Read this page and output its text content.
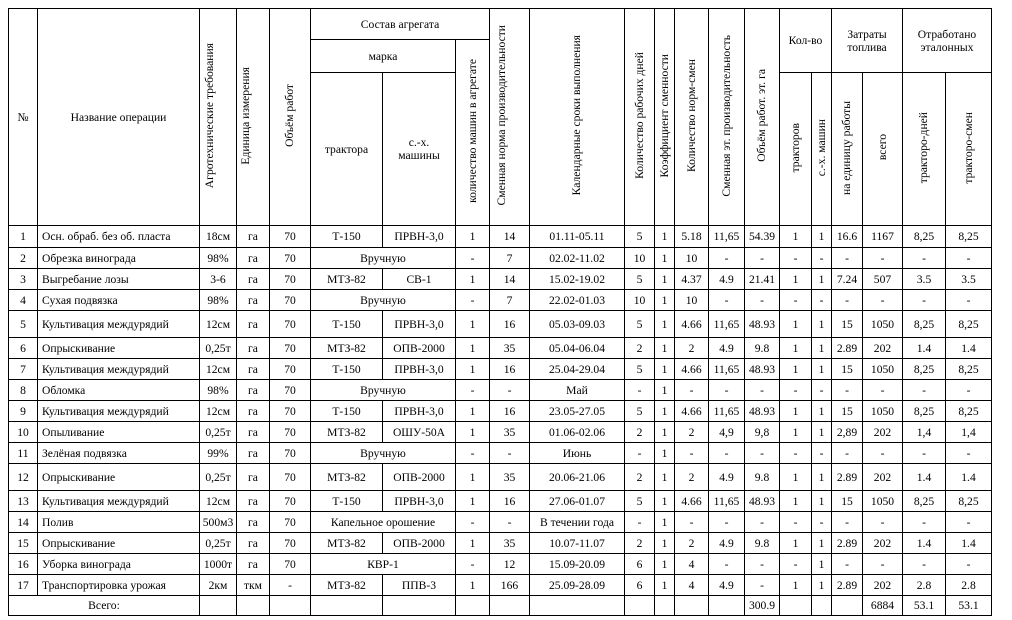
№	Название операции	Агротехнические требования	Единица измерения	Объём работ	Состав агрегата			Сменная норма производительности	Календарные сроки выполнения	Количество рабочих дней	Коэффициент сменности	Количество норм-смен	Сменная эт. производительность	Объём работ. эт. га	Кол-во		Затраты топлива		Отработано эталонных	
					марка		количество машин в агрегате													
					трактора	с.-х. машины									тракторов	с.-х. машин	на единицу работы	всего	тракторо-дней	тракторо-смен
1	Осн. обраб. без об. пласта	18см	га	70	Т-150	ПРВН-3,0	1	14	01.11-05.11	5	1	5.18	11,65	54.39	1	1	16.6	1167	8,25	8,25
2	Обрезка винограда	98%	га	70	Вручную		-	7	02.02-11.02	10	1	10	-	-	-	-	-	-	-	-
3	Выгребание лозы	3-6	га	70	МТЗ-82	СВ-1	1	14	15.02-19.02	5	1	4.37	4.9	21.41	1	1	7.24	507	3.5	3.5
4	Сухая подвязка	98%	га	70	Вручную		-	7	22.02-01.03	10	1	10	-	-	-	-	-	-	-	-
5	Культивация междурядий	12см	га	70	Т-150	ПРВН-3,0	1	16	05.03-09.03	5	1	4.66	11,65	48.93	1	1	15	1050	8,25	8,25
6	Опрыскивание	0,25т	га	70	МТЗ-82	ОПВ-2000	1	35	05.04-06.04	2	1	2	4.9	9.8	1	1	2.89	202	1.4	1.4
7	Культивация междурядий	12см	га	70	Т-150	ПРВН-3,0	1	16	25.04-29.04	5	1	4.66	11,65	48.93	1	1	15	1050	8,25	8,25
8	Обломка	98%	га	70	Вручную		-	-	Май	-	1	-	-	-	-	-	-	-	-	-
9	Культивация междурядий	12см	га	70	Т-150	ПРВН-3,0	1	16	23.05-27.05	5	1	4.66	11,65	48.93	1	1	15	1050	8,25	8,25
10	Опыливание	0,25т	га	70	МТЗ-82	ОШУ-50А	1	35	01.06-02.06	2	1	2	4,9	9,8	1	1	2,89	202	1,4	1,4
11	Зелёная подвязка	99%	га	70	Вручную		-	-	Июнь	-	1	-	-	-	-	-	-	-	-	-
12	Опрыскивание	0,25т	га	70	МТЗ-82	ОПВ-2000	1	35	20.06-21.06	2	1	2	4.9	9.8	1	1	2.89	202	1.4	1.4
13	Культивация междурядий	12см	га	70	Т-150	ПРВН-3,0	1	16	27.06-01.07	5	1	4.66	11,65	48.93	1	1	15	1050	8,25	8,25
14	Полив	500м3	га	70	Капельное орошение		-	-	В течении года	-	1	-	-	-	-	-	-	-	-	-
15	Опрыскивание	0,25т	га	70	МТЗ-82	ОПВ-2000	1	35	10.07-11.07	2	1	2	4.9	9.8	1	1	2.89	202	1.4	1.4
16	Уборка винограда	1000т	га	70	КВР-1		-	12	15.09-20.09	6	1	4	-	-	-	1	-	-	-	-
17	Транспортировка урожая	2км	ткм	-	МТЗ-82	ППВ-3	1	166	25.09-28.09	6	1	4	4.9	-	1	1	2.89	202	2.8	2.8
Всего:														300.9				6884	53.1	53.1
